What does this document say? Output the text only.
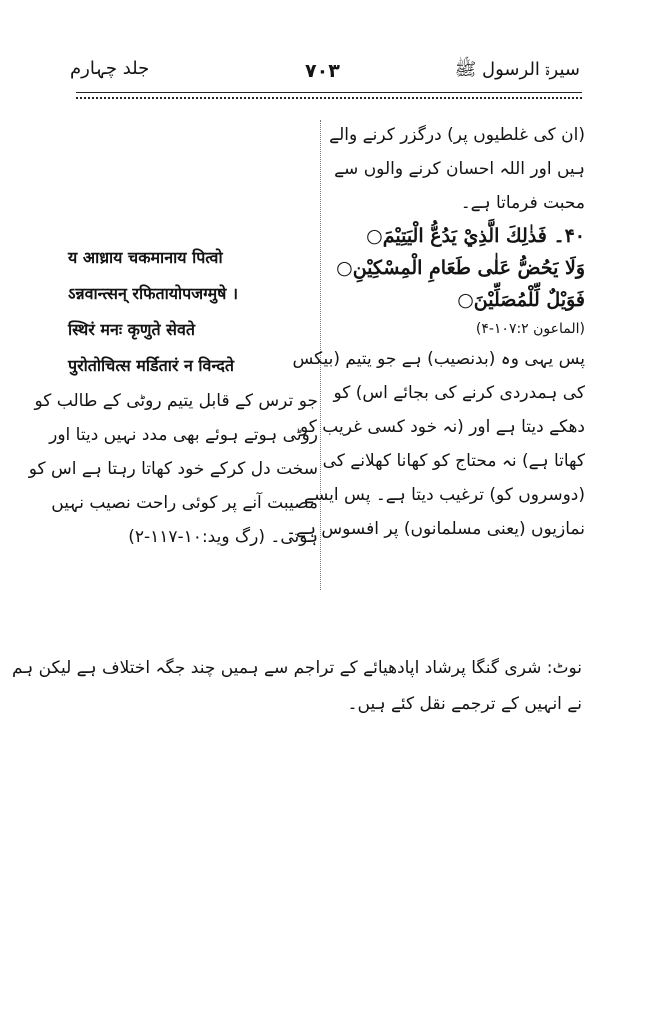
سیرۃ الرسول ﷺ
۷۰۳
جلد چہارم
(ان کی غلطیوں پر) درگزر کرنے والے
ہیں اور اللہ احسان کرنے والوں سے
محبت فرماتا ہے۔
۴۰۔ فَذٰلِكَ الَّذِيْ يَدُعُّ الْيَتِيْمَ○
وَلَا يَحُضُّ عَلٰى طَعَامِ الْمِسْكِيْنِ○
فَوَيْلٌ لِّلْمُصَلِّيْنَ○
(الماعون ۱۰۷:۲-۴)
پس یہی وہ (بدنصیب) ہے جو یتیم (بیکس
کی ہمدردی کرنے کی بجائے اس) کو
دھکے دیتا ہے اور (نہ خود کسی غریب کو
کھاتا ہے) نہ محتاج کو کھانا کھلانے کی
(دوسروں کو) ترغیب دیتا ہے۔ پس ایسے
نمازیوں (یعنی مسلمانوں) پر افسوس ہے۔
य आध्राय चकमानाय पित्वो
ऽन्नवान्त्सन् रफितायोपजग्मुषे ।
स्थिरं मनः कृणुते सेवते
पुरोतोचित्स मर्डितारं न विन्दते
جو ترس کے قابل یتیم روٹی کے طالب کو
روٹی ہوتے ہوئے بھی مدد نہیں دیتا اور
سخت دل کرکے خود کھاتا رہتا ہے اس کو
مصیبت آنے پر کوئی راحت نصیب نہیں
ہوتی۔ (رگ وید:۱۰-۱۱۷-۲)
نوٹ: شری گنگا پرشاد اپادھیائے کے تراجم سے ہمیں چند جگہ اختلاف ہے لیکن ہم
نے انہیں کے ترجمے نقل کئے ہیں۔
